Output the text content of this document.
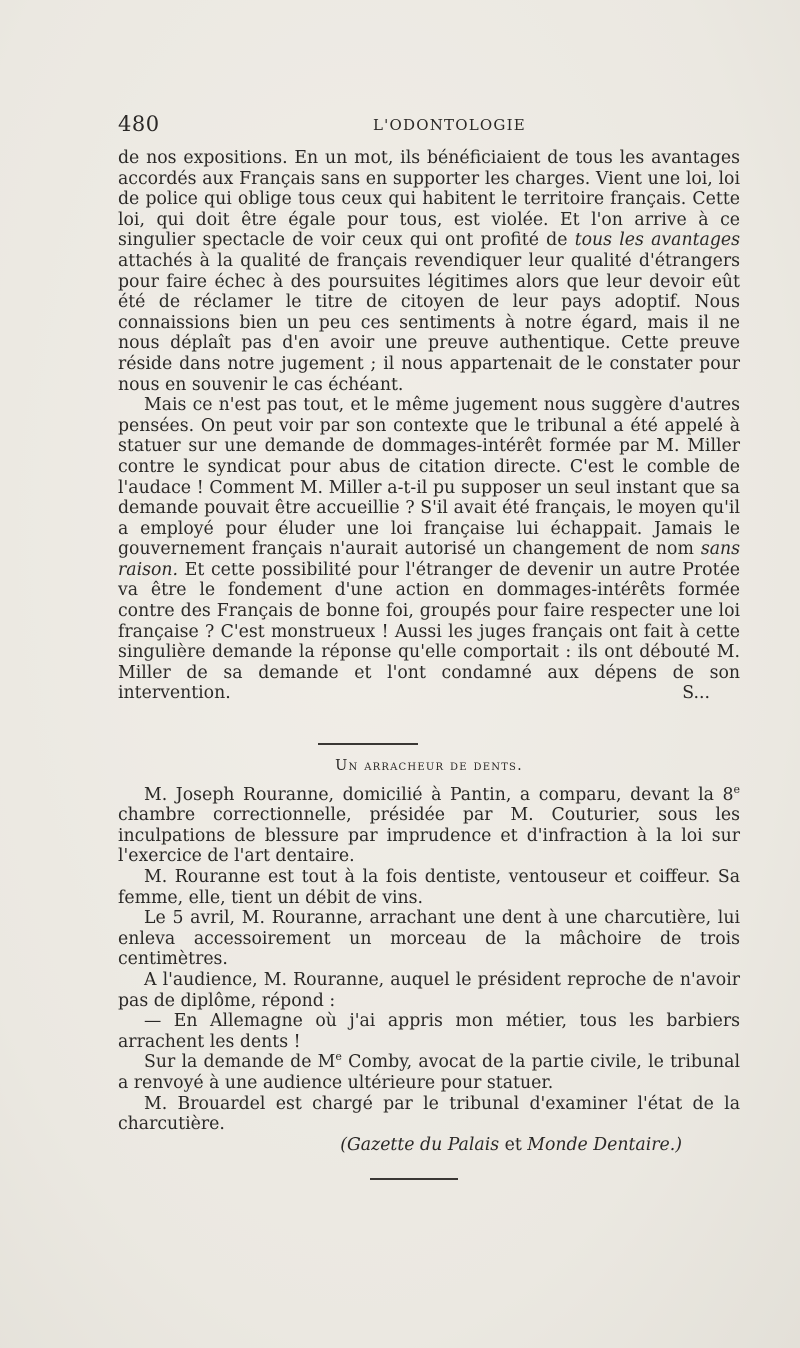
480	L'ODONTOLOGIE

de nos expositions. En un mot, ils bénéficiaient de tous les avantages accordés aux Français sans en supporter les charges. Vient une loi, loi de police qui oblige tous ceux qui habitent le territoire français. Cette loi, qui doit être égale pour tous, est violée. Et l'on arrive à ce singulier spectacle de voir ceux qui ont profité de tous les avantages attachés à la qualité de français revendiquer leur qualité d'étrangers pour faire échec à des poursuites légitimes alors que leur devoir eût été de réclamer le titre de citoyen de leur pays adoptif. Nous connaissions bien un peu ces sentiments à notre égard, mais il ne nous déplaît pas d'en avoir une preuve authentique. Cette preuve réside dans notre jugement ; il nous appartenait de le constater pour nous en souvenir le cas échéant.

Mais ce n'est pas tout, et le même jugement nous suggère d'autres pensées. On peut voir par son contexte que le tribunal a été appelé à statuer sur une demande de dommages-intérêt formée par M. Miller contre le syndicat pour abus de citation directe. C'est le comble de l'audace ! Comment M. Miller a-t-il pu supposer un seul instant que sa demande pouvait être accueillie ? S'il avait été français, le moyen qu'il a employé pour éluder une loi française lui échappait. Jamais le gouvernement français n'aurait autorisé un changement de nom sans raison. Et cette possibilité pour l'étranger de devenir un autre Protée va être le fondement d'une action en dommages-intérêts formée contre des Français de bonne foi, groupés pour faire respecter une loi française ? C'est monstrueux ! Aussi les juges français ont fait à cette singulière demande la réponse qu'elle comportait : ils ont débouté M. Miller de sa demande et l'ont condamné aux dépens de son intervention.	S...

Un arracheur de dents.

M. Joseph Rouranne, domicilié à Pantin, a comparu, devant la 8e chambre correctionnelle, présidée par M. Couturier, sous les inculpations de blessure par imprudence et d'infraction à la loi sur l'exercice de l'art dentaire.

M. Rouranne est tout à la fois dentiste, ventouseur et coiffeur. Sa femme, elle, tient un débit de vins.

Le 5 avril, M. Rouranne, arrachant une dent à une charcutière, lui enleva accessoirement un morceau de la mâchoire de trois centimètres.

A l'audience, M. Rouranne, auquel le président reproche de n'avoir pas de diplôme, répond :

— En Allemagne où j'ai appris mon métier, tous les barbiers arrachent les dents !

Sur la demande de Me Comby, avocat de la partie civile, le tribunal a renvoyé à une audience ultérieure pour statuer.

M. Brouardel est chargé par le tribunal d'examiner l'état de la charcutière.

(Gazette du Palais et Monde Dentaire.)
